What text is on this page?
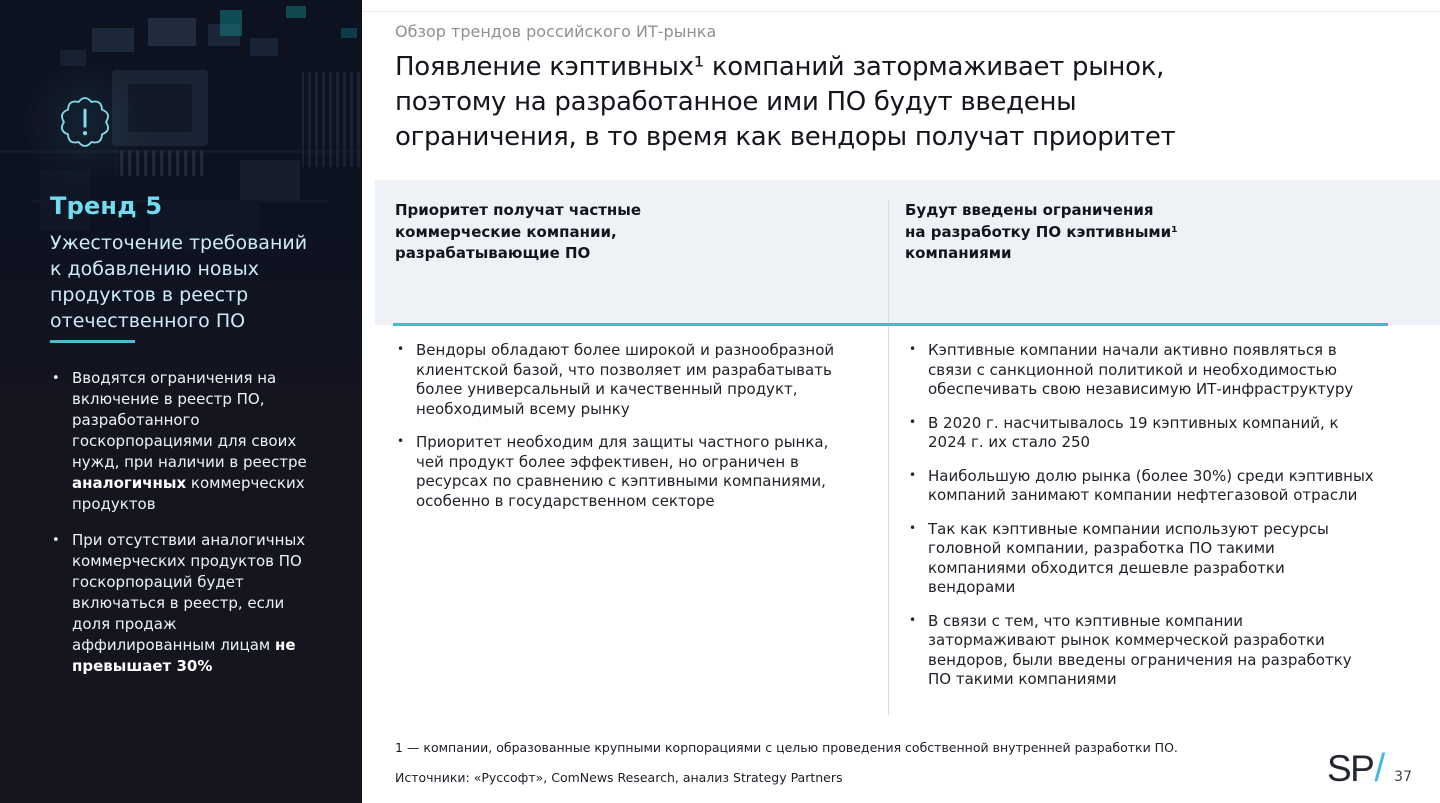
Тренд 5
Ужесточение требований
к добавлению новых
продуктов в реестр
отечественного ПО
• Вводятся ограничения на включение в реестр ПО, разработанного госкорпорациями для своих нужд, при наличии в реестре аналогичных коммерческих продуктов
• При отсутствии аналогичных коммерческих продуктов ПО госкорпораций будет включаться в реестр, если доля продаж аффилированным лицам не превышает 30%
Обзор трендов российского ИТ-рынка
Появление кэптивных¹ компаний затормаживает рынок,
поэтому на разработанное ими ПО будут введены
ограничения, в то время как вендоры получат приоритет
Приоритет получат частные
коммерческие компании,
разрабатывающие ПО
Будут введены ограничения
на разработку ПО кэптивными¹
компаниями
• Вендоры обладают более широкой и разнообразной клиентской базой, что позволяет им разрабатывать более универсальный и качественный продукт, необходимый всему рынку
• Приоритет необходим для защиты частного рынка, чей продукт более эффективен, но ограничен в ресурсах по сравнению с кэптивными компаниями, особенно в государственном секторе
• Кэптивные компании начали активно появляться в связи с санкционной политикой и необходимостью обеспечивать свою независимую ИТ-инфраструктуру
• В 2020 г. насчитывалось 19 кэптивных компаний, к 2024 г. их стало 250
• Наибольшую долю рынка (более 30%) среди кэптивных компаний занимают компании нефтегазовой отрасли
• Так как кэптивные компании используют ресурсы головной компании, разработка ПО такими компаниями обходится дешевле разработки вендорами
• В связи с тем, что кэптивные компании затормаживают рынок коммерческой разработки вендоров, были введены ограничения на разработку ПО такими компаниями
1 — компании, образованные крупными корпорациями с целью проведения собственной внутренней разработки ПО.
Источники: «Руссофт», ComNews Research, анализ Strategy Partners	SP / 37
